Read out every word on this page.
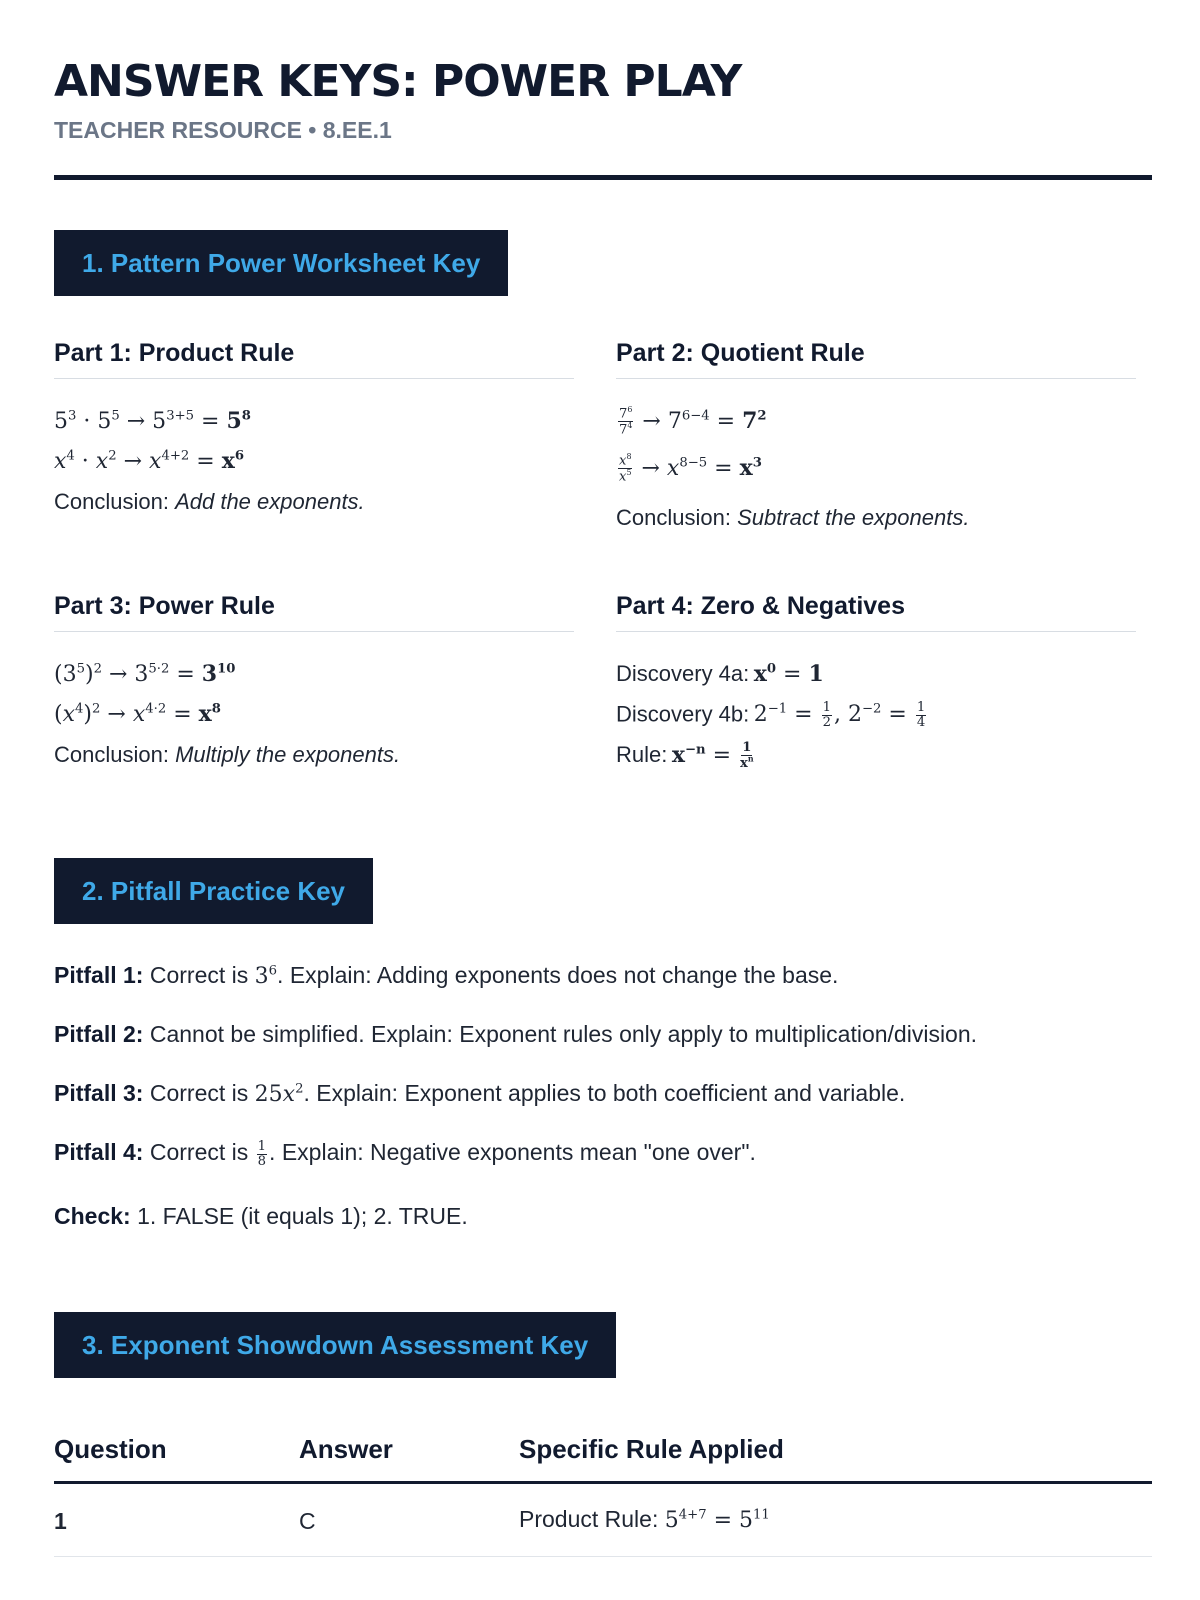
ANSWER KEYS: POWER PLAY
TEACHER RESOURCE • 8.EE.1
1. Pattern Power Worksheet Key
Part 1: Product Rule
$5^3 \cdot 5^5 \to 5^{3+5} = 5^8$
$x^4 \cdot x^2 \to x^{4+2} = x^6$
Conclusion: Add the exponents.
Part 2: Quotient Rule
$\frac{7^6}{7^4} \to 7^{6-4} = 7^2$
$\frac{x^8}{x^5} \to x^{8-5} = x^3$
Conclusion: Subtract the exponents.
Part 3: Power Rule
$(3^5)^2 \to 3^{5\cdot 2} = 3^{10}$
$(x^4)^2 \to x^{4\cdot 2} = x^8$
Conclusion: Multiply the exponents.
Part 4: Zero & Negatives
Discovery 4a: $x^0 = 1$
Discovery 4b: $2^{-1} = \frac{1}{2}$ , $2^{-2} = \frac{1}{4}$
Rule: $x^{-n} = \frac{1}{x^n}$
2. Pitfall Practice Key
Pitfall 1: Correct is $3^6$. Explain: Adding exponents does not change the base.
Pitfall 2: Cannot be simplified. Explain: Exponent rules only apply to multiplication/division.
Pitfall 3: Correct is $25x^2$. Explain: Exponent applies to both coefficient and variable.
Pitfall 4: Correct is $\frac{1}{8}$ . Explain: Negative exponents mean "one over".
Check: 1. FALSE (it equals 1); 2. TRUE.
3. Exponent Showdown Assessment Key
Question	Answer	Specific Rule Applied
1	C	Product Rule: $5^{4+7} = 5^{11}$
